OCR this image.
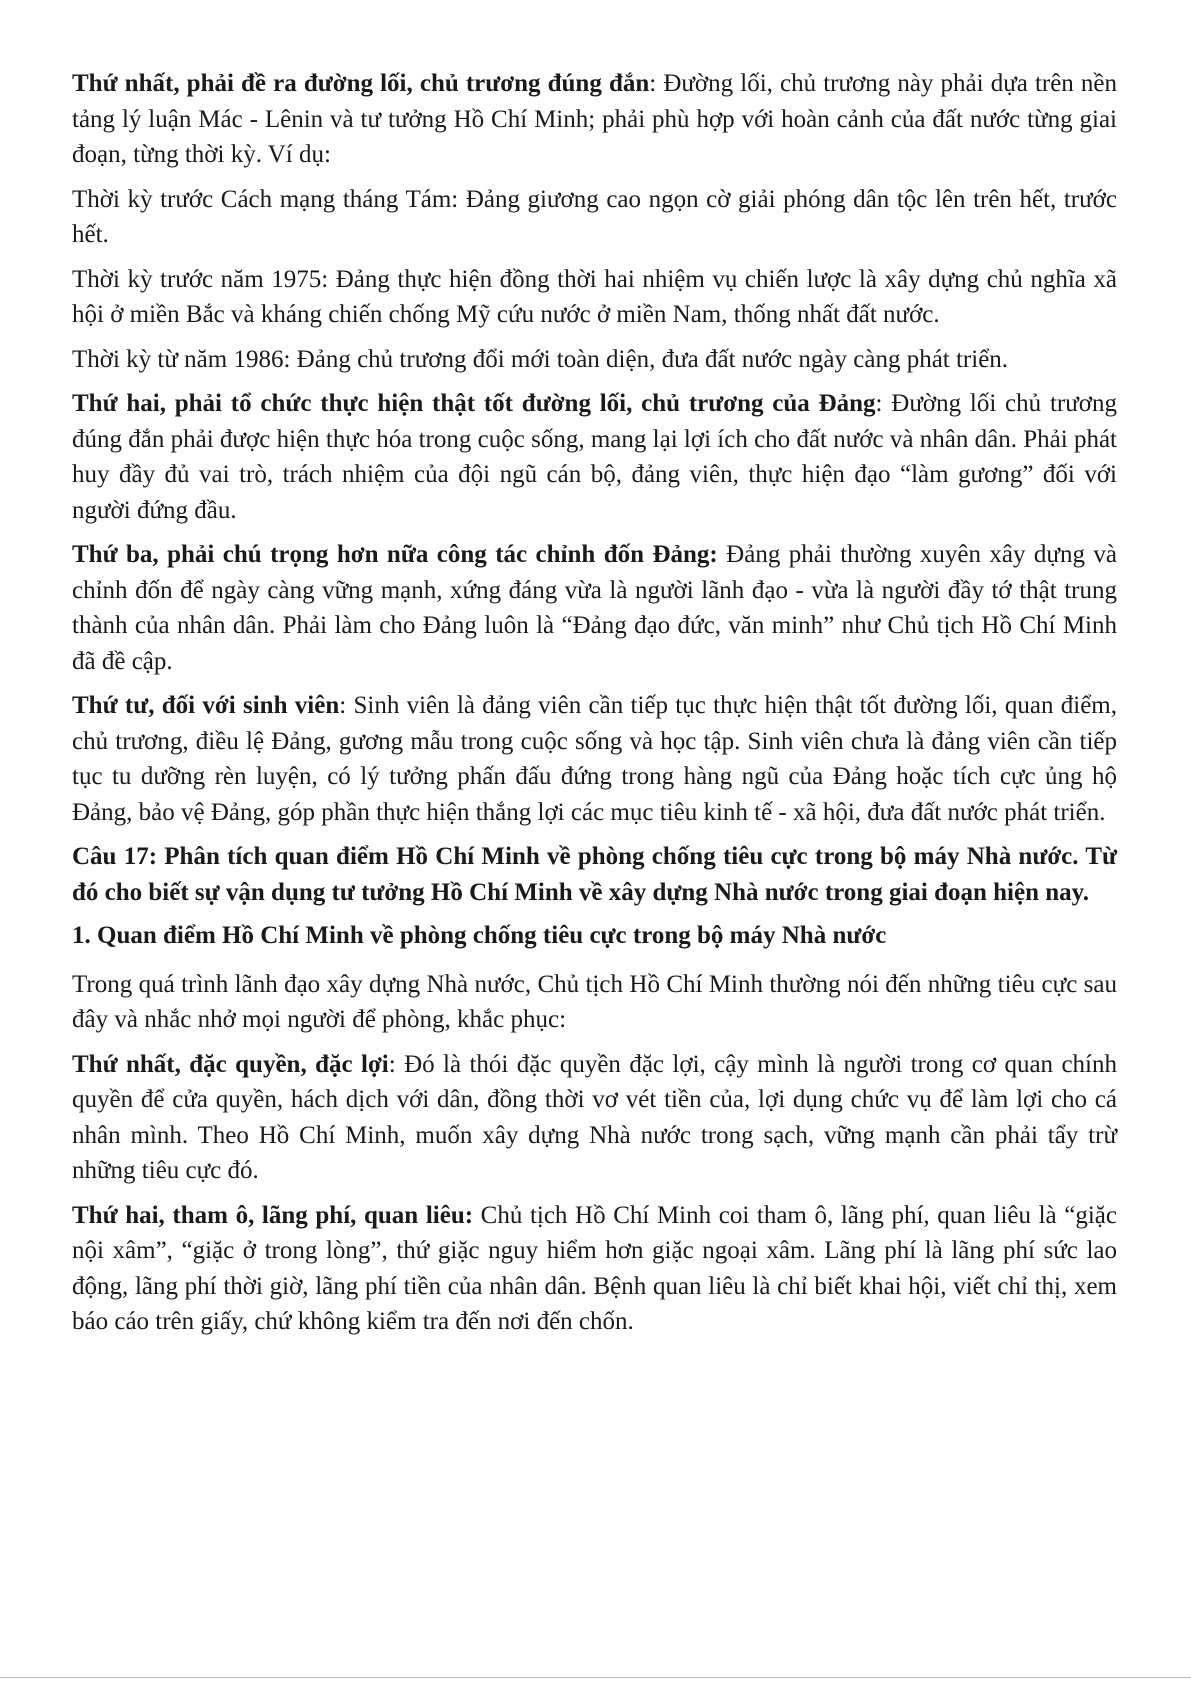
Thứ nhất, phải đề ra đường lối, chủ trương đúng đắn: Đường lối, chủ trương này phải dựa trên nền tảng lý luận Mác - Lênin và tư tưởng Hồ Chí Minh; phải phù hợp với hoàn cảnh của đất nước từng giai đoạn, từng thời kỳ. Ví dụ:

Thời kỳ trước Cách mạng tháng Tám: Đảng giương cao ngọn cờ giải phóng dân tộc lên trên hết, trước hết.

Thời kỳ trước năm 1975: Đảng thực hiện đồng thời hai nhiệm vụ chiến lược là xây dựng chủ nghĩa xã hội ở miền Bắc và kháng chiến chống Mỹ cứu nước ở miền Nam, thống nhất đất nước.

Thời kỳ từ năm 1986: Đảng chủ trương đổi mới toàn diện, đưa đất nước ngày càng phát triển.

Thứ hai, phải tổ chức thực hiện thật tốt đường lối, chủ trương của Đảng: Đường lối chủ trương đúng đắn phải được hiện thực hóa trong cuộc sống, mang lại lợi ích cho đất nước và nhân dân. Phải phát huy đầy đủ vai trò, trách nhiệm của đội ngũ cán bộ, đảng viên, thực hiện đạo “làm gương” đối với người đứng đầu.

Thứ ba, phải chú trọng hơn nữa công tác chỉnh đốn Đảng: Đảng phải thường xuyên xây dựng và chỉnh đốn để ngày càng vững mạnh, xứng đáng vừa là người lãnh đạo - vừa là người đầy tớ thật trung thành của nhân dân. Phải làm cho Đảng luôn là “Đảng đạo đức, văn minh” như Chủ tịch Hồ Chí Minh đã đề cập.

Thứ tư, đối với sinh viên: Sinh viên là đảng viên cần tiếp tục thực hiện thật tốt đường lối, quan điểm, chủ trương, điều lệ Đảng, gương mẫu trong cuộc sống và học tập. Sinh viên chưa là đảng viên cần tiếp tục tu dưỡng rèn luyện, có lý tưởng phấn đấu đứng trong hàng ngũ của Đảng hoặc tích cực ủng hộ Đảng, bảo vệ Đảng, góp phần thực hiện thắng lợi các mục tiêu kinh tế - xã hội, đưa đất nước phát triển.

Câu 17: Phân tích quan điểm Hồ Chí Minh về phòng chống tiêu cực trong bộ máy Nhà nước. Từ đó cho biết sự vận dụng tư tưởng Hồ Chí Minh về xây dựng Nhà nước trong giai đoạn hiện nay.

1. Quan điểm Hồ Chí Minh về phòng chống tiêu cực trong bộ máy Nhà nước

Trong quá trình lãnh đạo xây dựng Nhà nước, Chủ tịch Hồ Chí Minh thường nói đến những tiêu cực sau đây và nhắc nhở mọi người để phòng, khắc phục:

Thứ nhất, đặc quyền, đặc lợi: Đó là thói đặc quyền đặc lợi, cậy mình là người trong cơ quan chính quyền để cửa quyền, hách dịch với dân, đồng thời vơ vét tiền của, lợi dụng chức vụ để làm lợi cho cá nhân mình. Theo Hồ Chí Minh, muốn xây dựng Nhà nước trong sạch, vững mạnh cần phải tẩy trừ những tiêu cực đó.

Thứ hai, tham ô, lãng phí, quan liêu: Chủ tịch Hồ Chí Minh coi tham ô, lãng phí, quan liêu là “giặc nội xâm”, “giặc ở trong lòng”, thứ giặc nguy hiểm hơn giặc ngoại xâm. Lãng phí là lãng phí sức lao động, lãng phí thời giờ, lãng phí tiền của nhân dân. Bệnh quan liêu là chỉ biết khai hội, viết chỉ thị, xem báo cáo trên giấy, chứ không kiểm tra đến nơi đến chốn.
